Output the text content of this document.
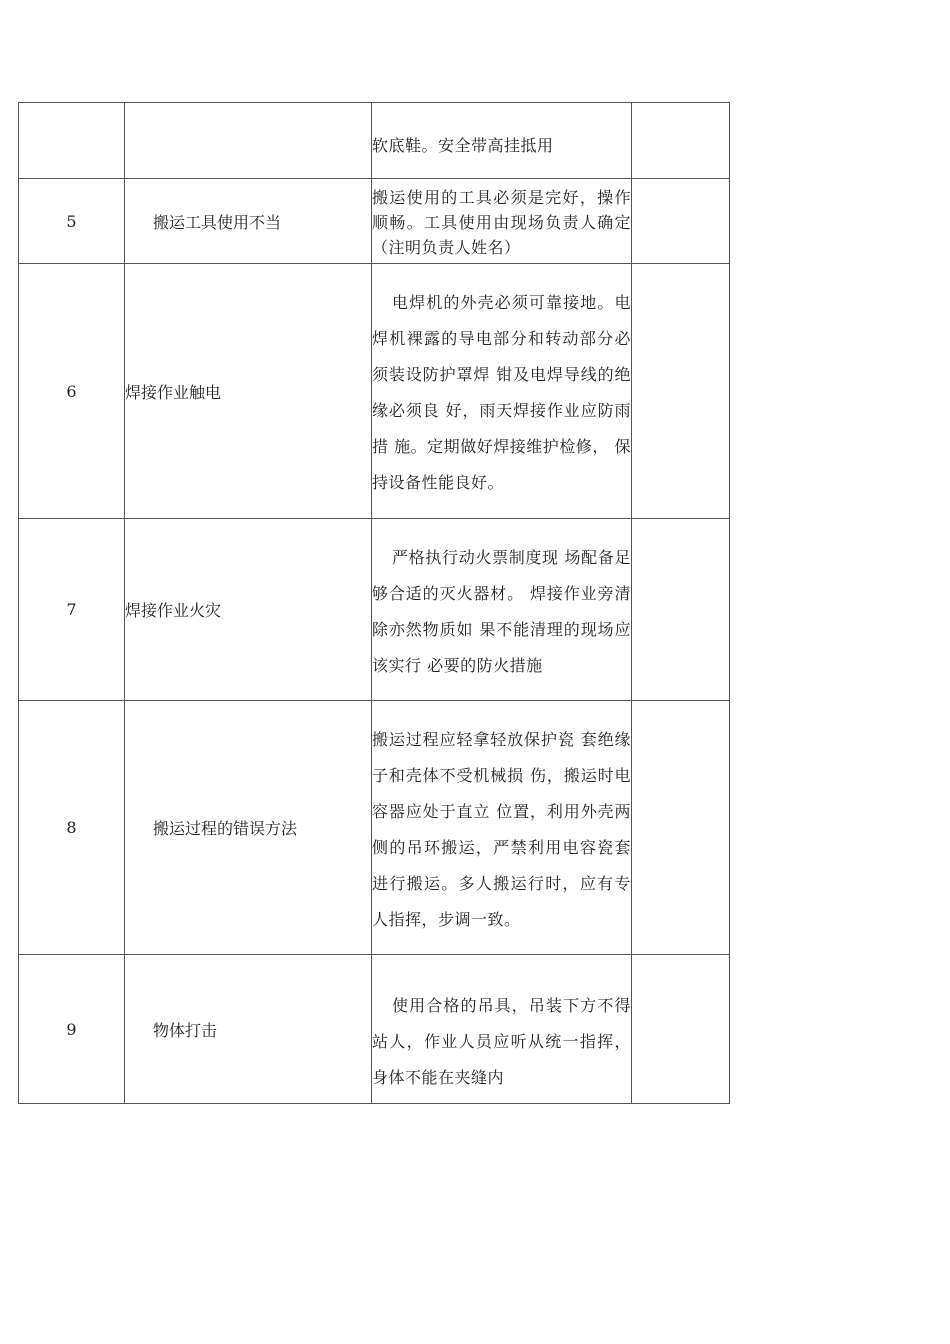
		软底鞋。安全带高挂抵用	

5	搬运工具使用不当	搬运使用的工具必须是完好，操作顺畅。工具使用由现场负责人确定（注明负责人姓名）	

6	焊接作业触电	电焊机的外壳必须可靠接地。电焊机裸露的导电部分和转动部分必须装设防护罩焊 钳及电焊导线的绝缘必须良 好，雨天焊接作业应防雨措 施。定期做好焊接维护检修， 保持设备性能良好。	

7	焊接作业火灾	严格执行动火票制度现 场配备足够合适的灭火器材。 焊接作业旁清除亦然物质如 果不能清理的现场应该实行 必要的防火措施	

8	搬运过程的错误方法	搬运过程应轻拿轻放保护瓷 套绝缘子和壳体不受机械损 伤，搬运时电容器应处于直立 位置，利用外壳两侧的吊环搬运，严禁利用电容瓷套进行搬运。多人搬运行时，应有专人指挥，步调一致。	

9	物体打击	使用合格的吊具，吊装下方不得站人，作业人员应听从统一指挥，身体不能在夹缝内	
